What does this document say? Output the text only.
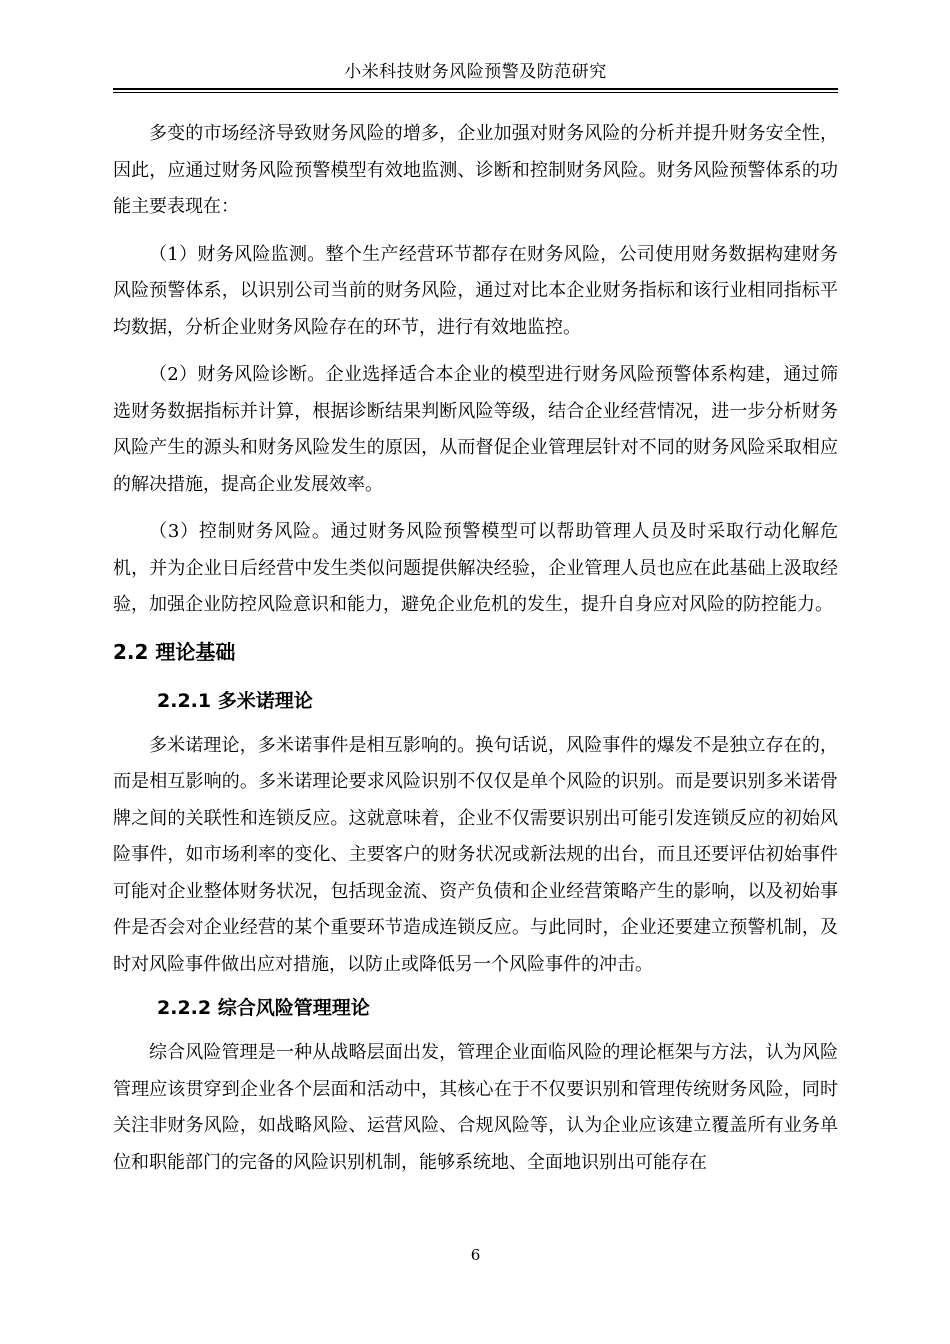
小米科技财务风险预警及防范研究

多变的市场经济导致财务风险的增多，企业加强对财务风险的分析并提升财务安全性，因此，应通过财务风险预警模型有效地监测、诊断和控制财务风险。财务风险预警体系的功能主要表现在：

（1）财务风险监测。整个生产经营环节都存在财务风险，公司使用财务数据构建财务风险预警体系，以识别公司当前的财务风险，通过对比本企业财务指标和该行业相同指标平均数据，分析企业财务风险存在的环节，进行有效地监控。

（2）财务风险诊断。企业选择适合本企业的模型进行财务风险预警体系构建，通过筛选财务数据指标并计算，根据诊断结果判断风险等级，结合企业经营情况，进一步分析财务风险产生的源头和财务风险发生的原因，从而督促企业管理层针对不同的财务风险采取相应的解决措施，提高企业发展效率。

（3）控制财务风险。通过财务风险预警模型可以帮助管理人员及时采取行动化解危机，并为企业日后经营中发生类似问题提供解决经验，企业管理人员也应在此基础上汲取经验，加强企业防控风险意识和能力，避免企业危机的发生，提升自身应对风险的防控能力。

2.2 理论基础
2.2.1 多米诺理论

多米诺理论，多米诺事件是相互影响的。换句话说，风险事件的爆发不是独立存在的，而是相互影响的。多米诺理论要求风险识别不仅仅是单个风险的识别。而是要识别多米诺骨牌之间的关联性和连锁反应。这就意味着，企业不仅需要识别出可能引发连锁反应的初始风险事件，如市场利率的变化、主要客户的财务状况或新法规的出台，而且还要评估初始事件可能对企业整体财务状况，包括现金流、资产负债和企业经营策略产生的影响，以及初始事件是否会对企业经营的某个重要环节造成连锁反应。与此同时，企业还要建立预警机制，及时对风险事件做出应对措施，以防止或降低另一个风险事件的冲击。

2.2.2 综合风险管理理论

综合风险管理是一种从战略层面出发，管理企业面临风险的理论框架与方法，认为风险管理应该贯穿到企业各个层面和活动中，其核心在于不仅要识别和管理传统财务风险，同时关注非财务风险，如战略风险、运营风险、合规风险等，认为企业应该建立覆盖所有业务单位和职能部门的完备的风险识别机制，能够系统地、全面地识别出可能存在

6
